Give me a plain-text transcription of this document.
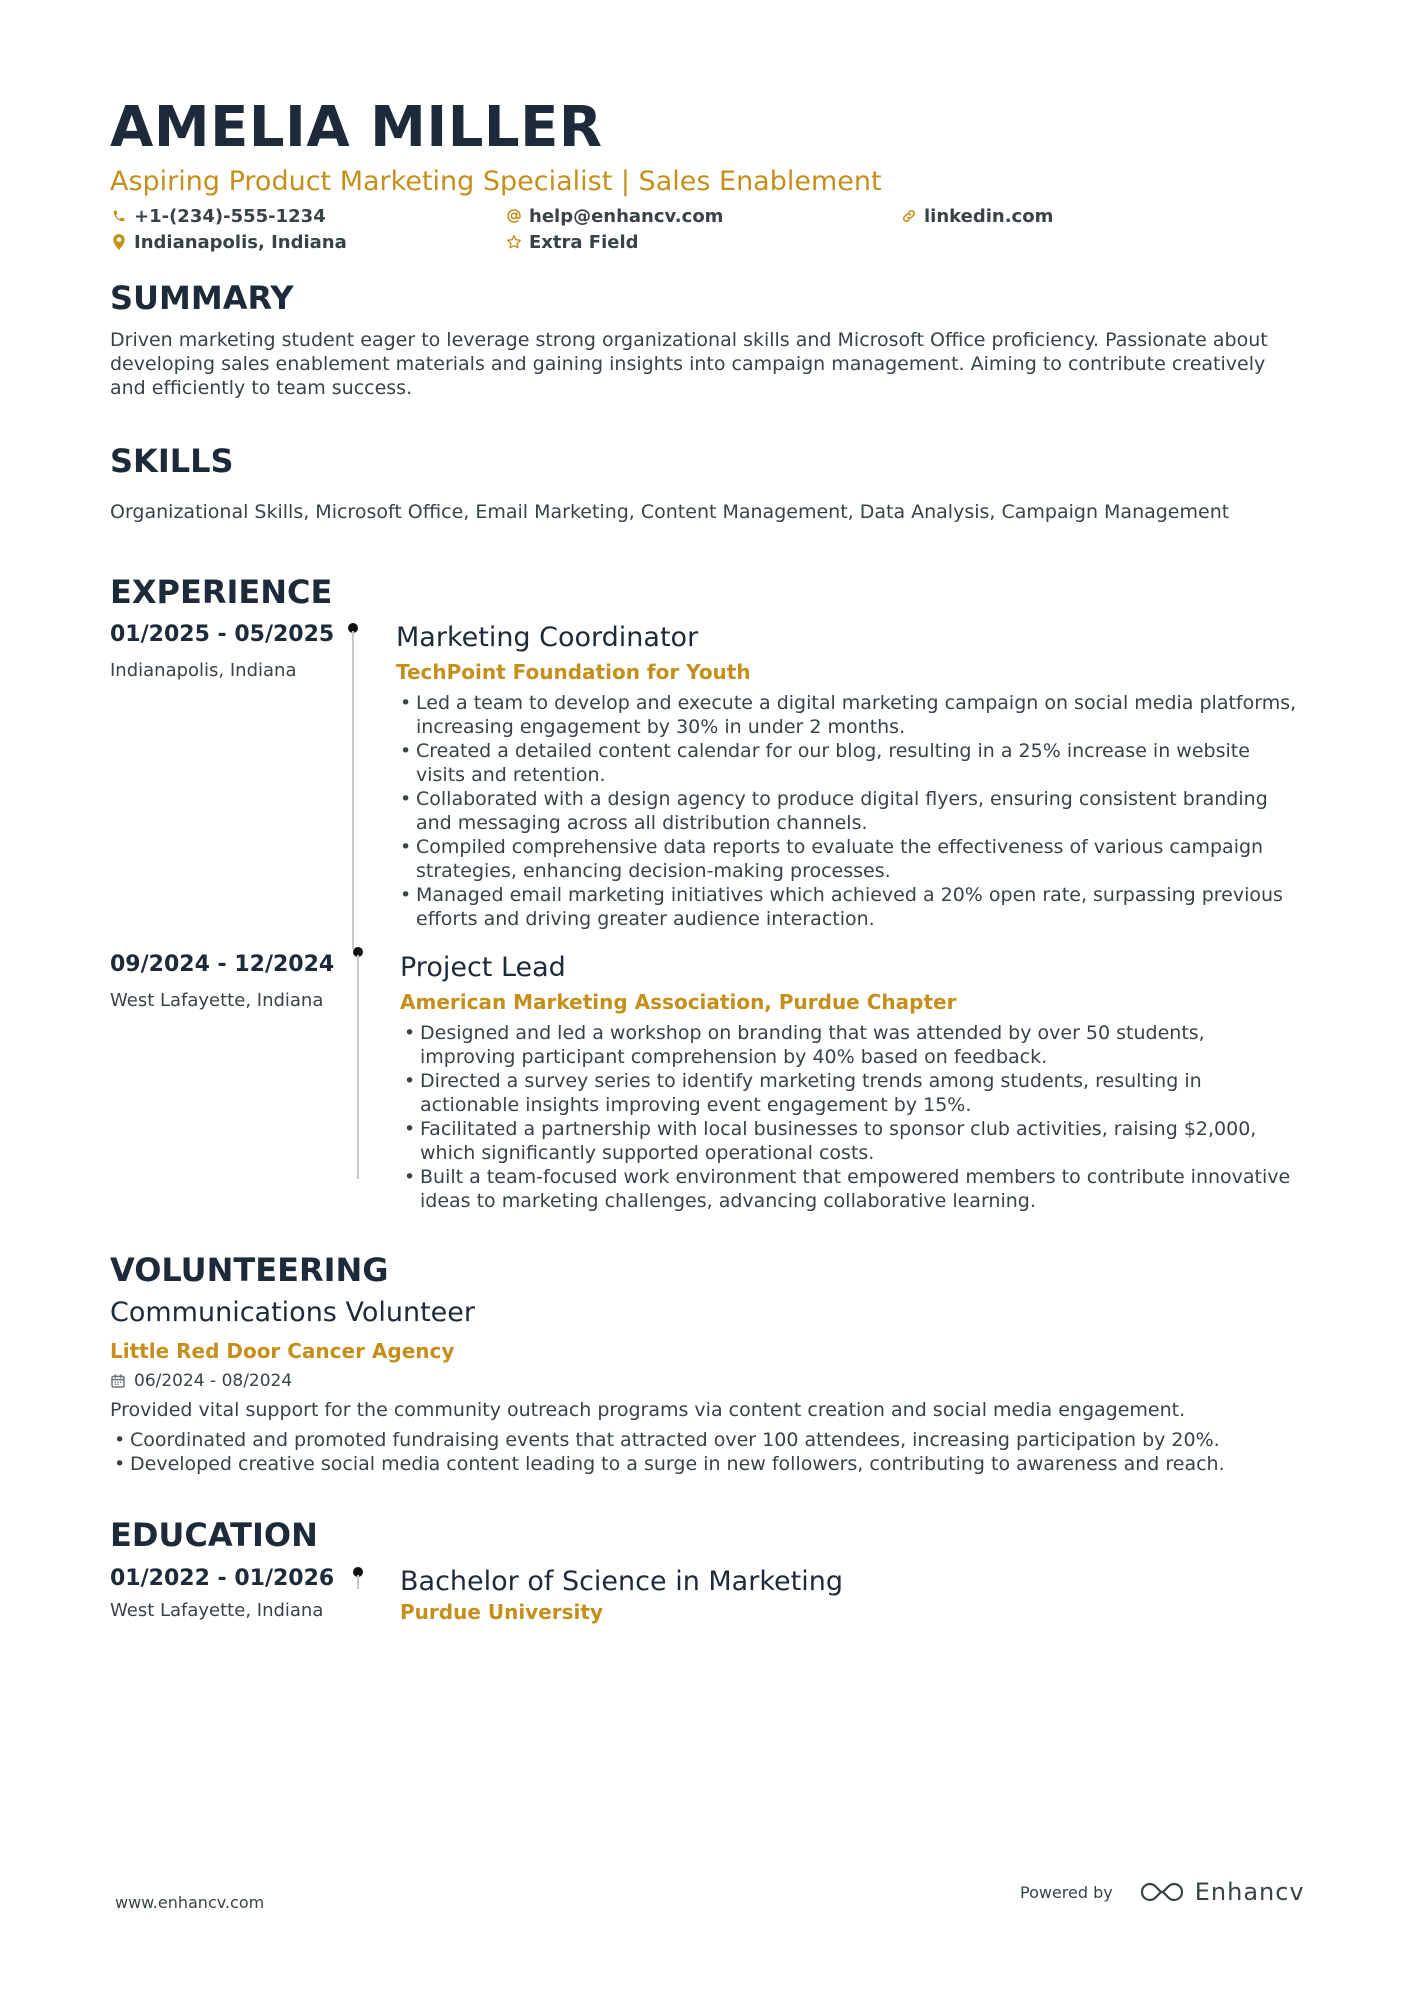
AMELIA MILLER
Aspiring Product Marketing Specialist | Sales Enablement
+1-(234)-555-1234	help@enhancv.com	linkedin.com
Indianapolis, Indiana	Extra Field
SUMMARY
Driven marketing student eager to leverage strong organizational skills and Microsoft Office proficiency. Passionate about developing sales enablement materials and gaining insights into campaign management. Aiming to contribute creatively and efficiently to team success.
SKILLS
Organizational Skills, Microsoft Office, Email Marketing, Content Management, Data Analysis, Campaign Management
EXPERIENCE
01/2025 - 05/2025
Indianapolis, Indiana
Marketing Coordinator
TechPoint Foundation for Youth
• Led a team to develop and execute a digital marketing campaign on social media platforms, increasing engagement by 30% in under 2 months.
• Created a detailed content calendar for our blog, resulting in a 25% increase in website visits and retention.
• Collaborated with a design agency to produce digital flyers, ensuring consistent branding and messaging across all distribution channels.
• Compiled comprehensive data reports to evaluate the effectiveness of various campaign strategies, enhancing decision-making processes.
• Managed email marketing initiatives which achieved a 20% open rate, surpassing previous efforts and driving greater audience interaction.
09/2024 - 12/2024
West Lafayette, Indiana
Project Lead
American Marketing Association, Purdue Chapter
• Designed and led a workshop on branding that was attended by over 50 students, improving participant comprehension by 40% based on feedback.
• Directed a survey series to identify marketing trends among students, resulting in actionable insights improving event engagement by 15%.
• Facilitated a partnership with local businesses to sponsor club activities, raising $2,000, which significantly supported operational costs.
• Built a team-focused work environment that empowered members to contribute innovative ideas to marketing challenges, advancing collaborative learning.
VOLUNTEERING
Communications Volunteer
Little Red Door Cancer Agency
06/2024 - 08/2024
Provided vital support for the community outreach programs via content creation and social media engagement.
• Coordinated and promoted fundraising events that attracted over 100 attendees, increasing participation by 20%.
• Developed creative social media content leading to a surge in new followers, contributing to awareness and reach.
EDUCATION
01/2022 - 01/2026
West Lafayette, Indiana
Bachelor of Science in Marketing
Purdue University
www.enhancv.com
Powered by	Enhancv
